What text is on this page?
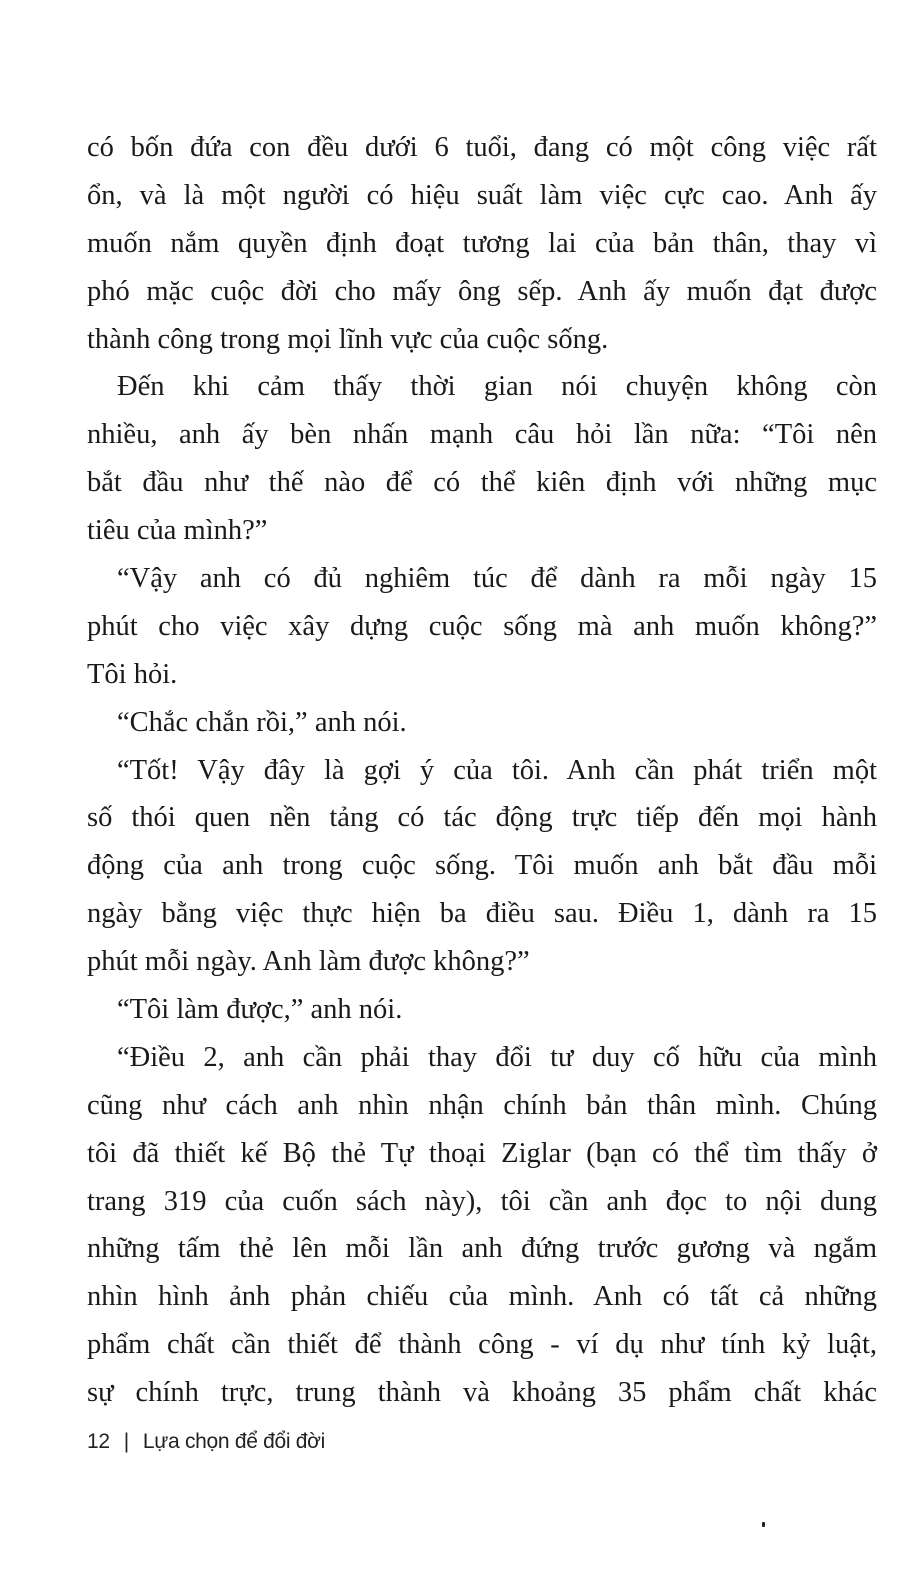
có bốn đứa con đều dưới 6 tuổi, đang có một công việc rất
ổn, và là một người có hiệu suất làm việc cực cao. Anh ấy
muốn nắm quyền định đoạt tương lai của bản thân, thay vì
phó mặc cuộc đời cho mấy ông sếp. Anh ấy muốn đạt được
thành công trong mọi lĩnh vực của cuộc sống.
Đến khi cảm thấy thời gian nói chuyện không còn
nhiều, anh ấy bèn nhấn mạnh câu hỏi lần nữa: “Tôi nên
bắt đầu như thế nào để có thể kiên định với những mục
tiêu của mình?”
“Vậy anh có đủ nghiêm túc để dành ra mỗi ngày 15
phút cho việc xây dựng cuộc sống mà anh muốn không?”
Tôi hỏi.
“Chắc chắn rồi,” anh nói.
“Tốt! Vậy đây là gợi ý của tôi. Anh cần phát triển một
số thói quen nền tảng có tác động trực tiếp đến mọi hành
động của anh trong cuộc sống. Tôi muốn anh bắt đầu mỗi
ngày bằng việc thực hiện ba điều sau. Điều 1, dành ra 15
phút mỗi ngày. Anh làm được không?”
“Tôi làm được,” anh nói.
“Điều 2, anh cần phải thay đổi tư duy cố hữu của mình
cũng như cách anh nhìn nhận chính bản thân mình. Chúng
tôi đã thiết kế Bộ thẻ Tự thoại Ziglar (bạn có thể tìm thấy ở
trang 319 của cuốn sách này), tôi cần anh đọc to nội dung
những tấm thẻ lên mỗi lần anh đứng trước gương và ngắm
nhìn hình ảnh phản chiếu của mình. Anh có tất cả những
phẩm chất cần thiết để thành công - ví dụ như tính kỷ luật,
sự chính trực, trung thành và khoảng 35 phẩm chất khác
12 | Lựa chọn để đổi đời
